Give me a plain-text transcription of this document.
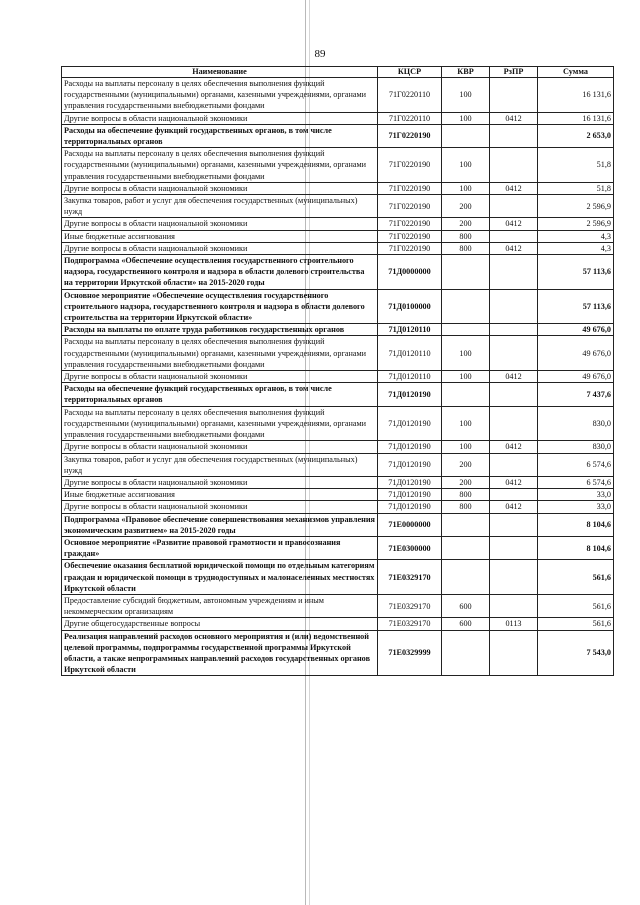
89
Наименование	КЦСР	КВР	РзПР	Сумма
Расходы на выплаты персоналу в целях обеспечения выполнения функций государственными (муниципальными) органами, казенными учреждениями, органами управления государственными внебюджетными фондами	71Г0220110	100		16 131,6
Другие вопросы в области национальной экономики	71Г0220110	100	0412	16 131,6
Расходы на обеспечение функций государственных органов, в том числе территориальных органов	71Г0220190			2 653,0
Расходы на выплаты персоналу в целях обеспечения выполнения функций государственными (муниципальными) органами, казенными учреждениями, органами управления государственными внебюджетными фондами	71Г0220190	100		51,8
Другие вопросы в области национальной экономики	71Г0220190	100	0412	51,8
Закупка товаров, работ и услуг для обеспечения государственных (муниципальных) нужд	71Г0220190	200		2 596,9
Другие вопросы в области национальной экономики	71Г0220190	200	0412	2 596,9
Иные бюджетные ассигнования	71Г0220190	800		4,3
Другие вопросы в области национальной экономики	71Г0220190	800	0412	4,3
Подпрограмма «Обеспечение осуществления государственного строительного надзора, государственного контроля и надзора в области долевого строительства на территории Иркутской области» на 2015-2020 годы	71Д0000000			57 113,6
Основное мероприятие «Обеспечение осуществления государственного строительного надзора, государственного контроля и надзора в области долевого строительства на территории Иркутской области»	71Д0100000			57 113,6
Расходы на выплаты по оплате труда работников государственных органов	71Д0120110			49 676,0
Расходы на выплаты персоналу в целях обеспечения выполнения функций государственными (муниципальными) органами, казенными учреждениями, органами управления государственными внебюджетными фондами	71Д0120110	100		49 676,0
Другие вопросы в области национальной экономики	71Д0120110	100	0412	49 676,0
Расходы на обеспечение функций государственных органов, в том числе территориальных органов	71Д0120190			7 437,6
Расходы на выплаты персоналу в целях обеспечения выполнения функций государственными (муниципальными) органами, казенными учреждениями, органами управления государственными внебюджетными фондами	71Д0120190	100		830,0
Другие вопросы в области национальной экономики	71Д0120190	100	0412	830,0
Закупка товаров, работ и услуг для обеспечения государственных (муниципальных) нужд	71Д0120190	200		6 574,6
Другие вопросы в области национальной экономики	71Д0120190	200	0412	6 574,6
Иные бюджетные ассигнования	71Д0120190	800		33,0
Другие вопросы в области национальной экономики	71Д0120190	800	0412	33,0
Подпрограмма «Правовое обеспечение совершенствования механизмов управления экономическим развитием» на 2015-2020 годы	71Е0000000			8 104,6
Основное мероприятие «Развитие правовой грамотности и правосознания граждан»	71Е0300000			8 104,6
Обеспечение оказания бесплатной юридической помощи по отдельным категориям граждан и юридической помощи в труднодоступных и малонаселенных местностях Иркутской области	71Е0329170			561,6
Предоставление субсидий бюджетным, автономным учреждениям и иным некоммерческим организациям	71Е0329170	600		561,6
Другие общегосударственные вопросы	71Е0329170	600	0113	561,6
Реализация направлений расходов основного мероприятия и (или) ведомственной целевой программы, подпрограммы государственной программы Иркутской области, а также непрограммных направлений расходов государственных органов Иркутской области	71Е0329999			7 543,0
